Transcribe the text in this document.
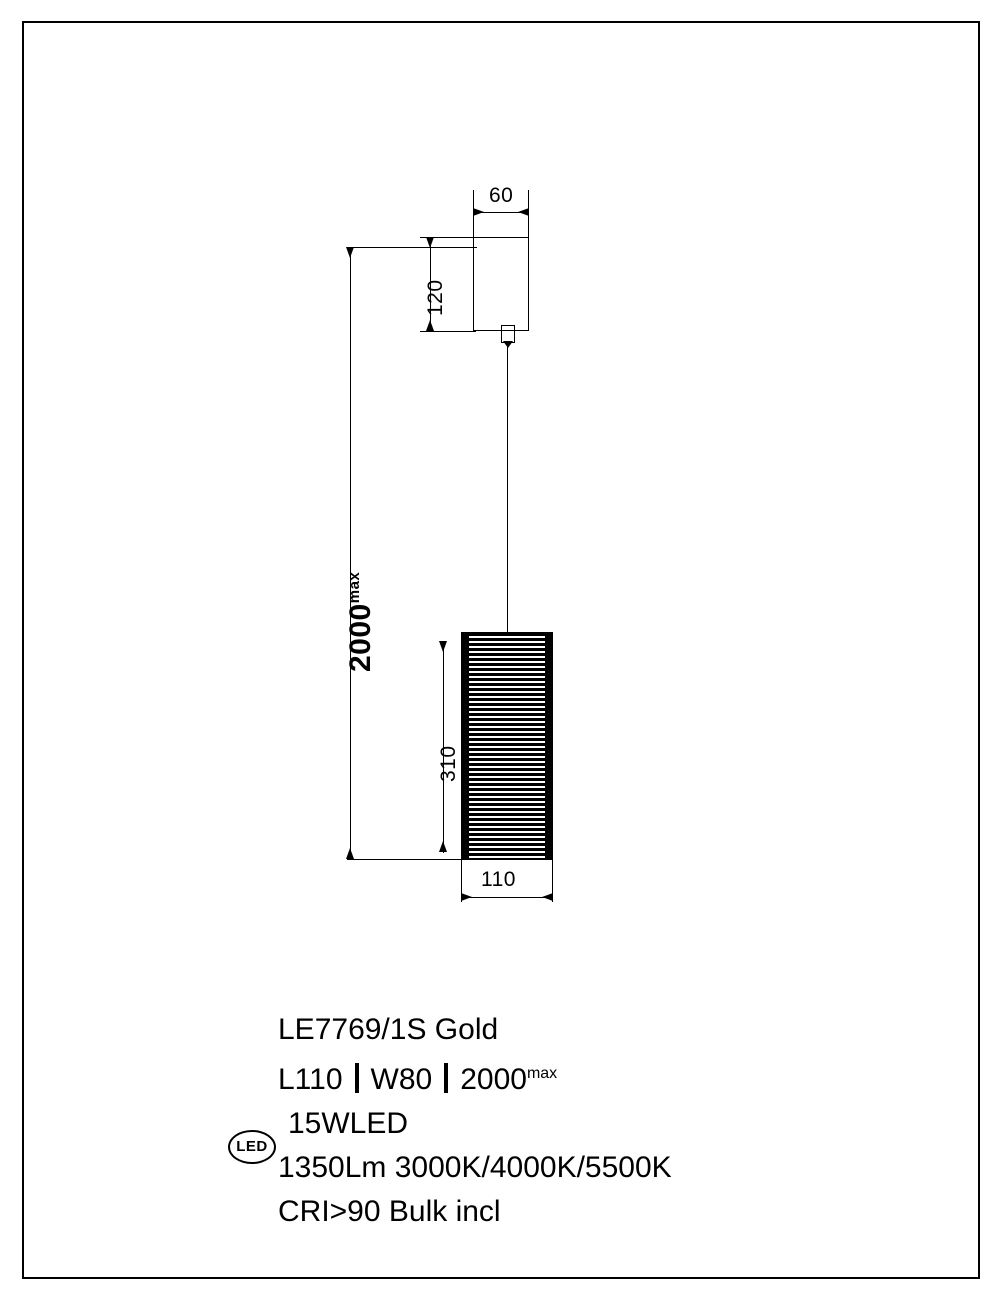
60
120
$2000^{max}$
310
110
LE7769/1S Gold
L110 W80 $2000^{max}$
15WLED
1350Lm 3000K/4000K/5500K
CRI>90 Bulk incl
LED
